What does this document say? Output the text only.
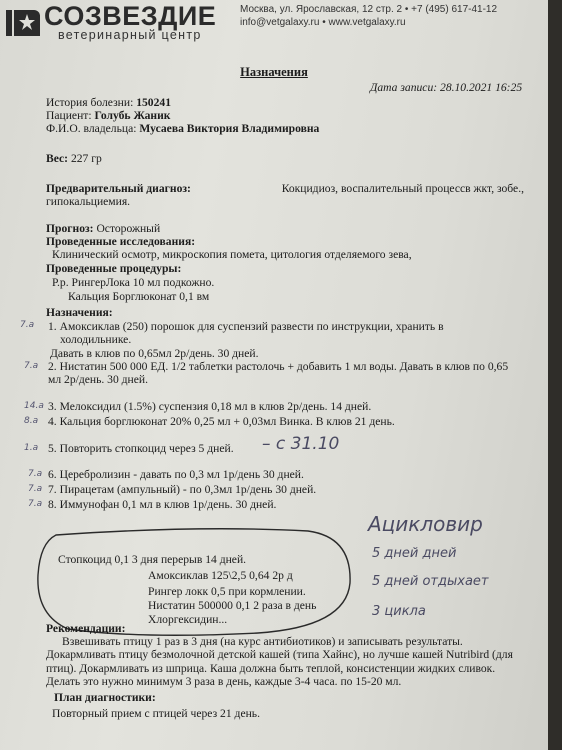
СОЗВЕЗДИЕ
ветеринарный центр
Москва, ул. Ярославская, 12 стр. 2 • +7 (495) 617-41-12
info@vetgalaxy.ru • www.vetgalaxy.ru
Назначения
Дата записи: 28.10.2021 16:25
История болезни: 150241
Пациент: Голубь Жаник
Ф.И.О. владельца: Мусаева Виктория Владимировна
Вес: 227 гр
Предварительный диагноз:	Кокцидиоз, воспалительный процессв жкт, зобе.,
гипокальциемия.
Прогноз: Осторожный
Проведенные исследования:
Клинический осмотр, микроскопия помета, цитология отделяемого зева,
Проведенные процедуры:
Р.р. РингерЛока 10 мл подкожно.
Кальция Борглюконат 0,1 вм
Назначения:
1. Амоксиклав (250) порошок для суспензий развести по инструкции, хранить в
холодильнике.
Давать в клюв по 0,65мл 2р/день. 30 дней.
2. Нистатин 500 000 ЕД. 1/2 таблетки растолочь + добавить 1 мл воды. Давать в клюв по 0,65
мл 2р/день. 30 дней.
3. Мелоксидил (1.5%) суспензия 0,18 мл в клюв 2р/день. 14 дней.
4. Кальция борглюконат 20% 0,25 мл + 0,03мл Винка. В клюв 21 день.
5. Повторить стопкоцид через 5 дней. – с 31.10
6. Церебролизин - давать по 0,3 мл 1р/день 30 дней.
7. Пирацетам (ампульный) - по 0,3мл 1р/день 30 дней.
8. Иммунофан 0,1 мл в клюв 1р/день. 30 дней.
7.а
7.а
14.а
8.а
1.а
7.а
7.а
7.а
Стопкоцид 0,1 3 дня перерыв 14 дней.
Амоксиклав 125\2,5 0,64 2р д
Рингер локк 0,5 при кормлении.
Нистатин 500000 0,1 2 раза в день
Хлоргексидин...
Ацикловир
5 дней дней
5 дней отдыхает
3 цикла
Рекомендации:
Взвешивать птицу 1 раз в 3 дня (на курс антибиотиков) и записывать результаты.
Докармливать птицу безмолочной детской кашей (типа Хайнс), но лучше кашей Nutribird (для
птиц). Докармливать из шприца. Каша должна быть теплой, консистенции жидких сливок.
Делать это нужно минимум 3 раза в день, каждые 3-4 часа. по 15-20 мл.
План диагностики:
Повторный прием с птицей через 21 день.
